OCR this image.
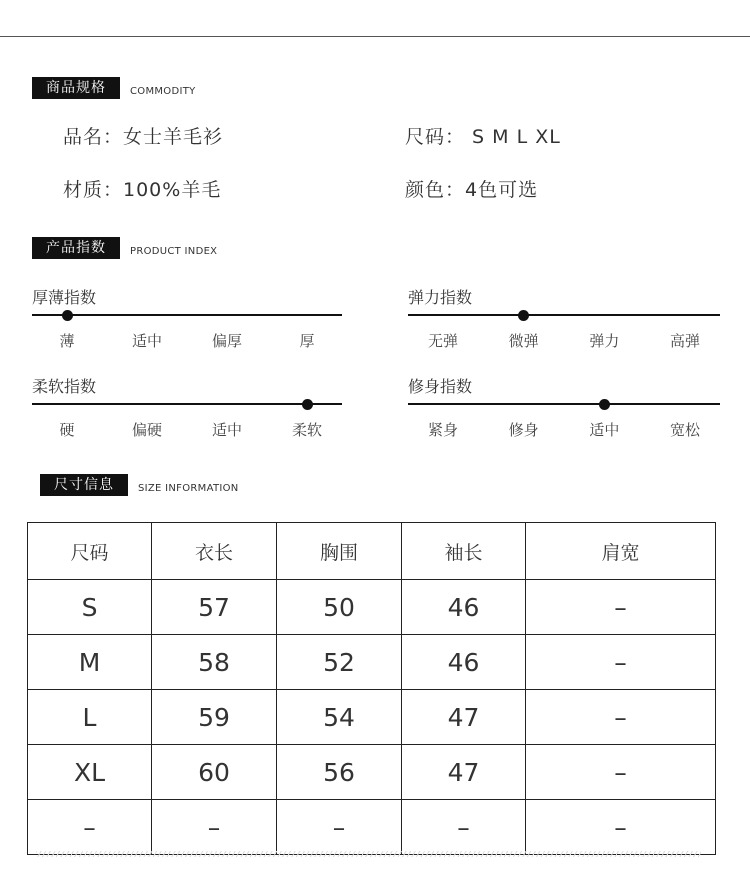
商品规格	COMMODITY
品名：女士羊毛衫	尺码： S M L XL
材质：100%羊毛	颜色：4色可选
产品指数	PRODUCT INDEX
厚薄指数
薄	适中	偏厚	厚
弹力指数
无弹	微弹	弹力	高弹
柔软指数
硬	偏硬	适中	柔软
修身指数
紧身	修身	适中	宽松
尺寸信息	SIZE INFORMATION
尺码	衣长	胸围	袖长	肩宽
S	57	50	46	–
M	58	52	46	–
L	59	54	47	–
XL	60	56	47	–
–	–	–	–	–
